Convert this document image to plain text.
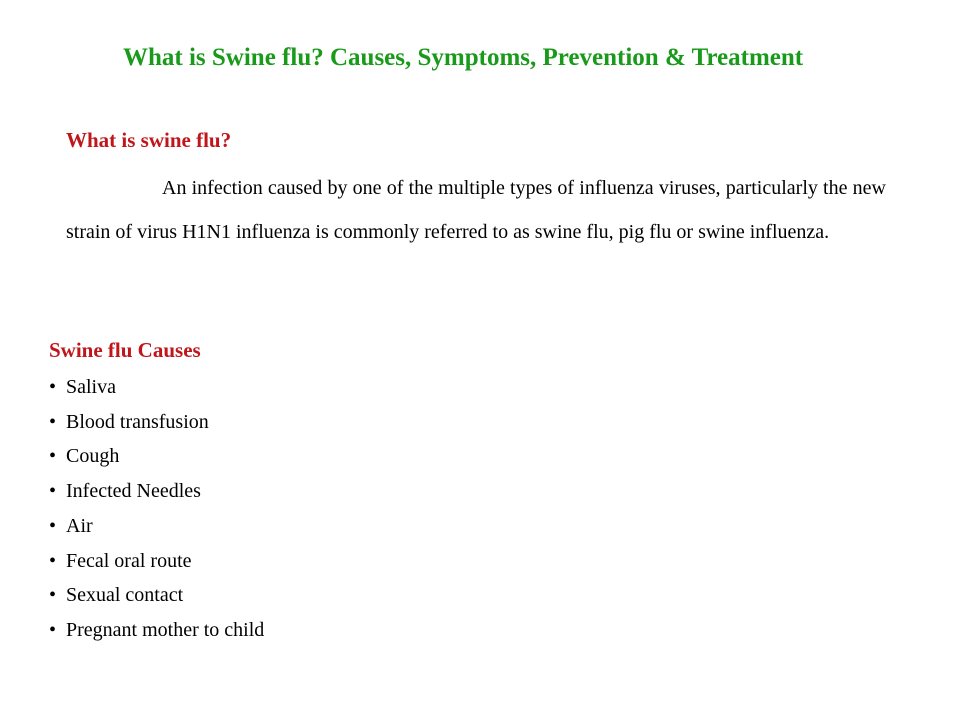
What is Swine flu? Causes, Symptoms, Prevention & Treatment
What is swine flu?

An infection caused by one of the multiple types of influenza viruses, particularly the new strain of virus H1N1 influenza is commonly referred to as swine flu, pig flu or swine influenza.

Swine flu Causes
• Saliva
• Blood transfusion
• Cough
• Infected Needles
• Air
• Fecal oral route
• Sexual contact
• Pregnant mother to child
